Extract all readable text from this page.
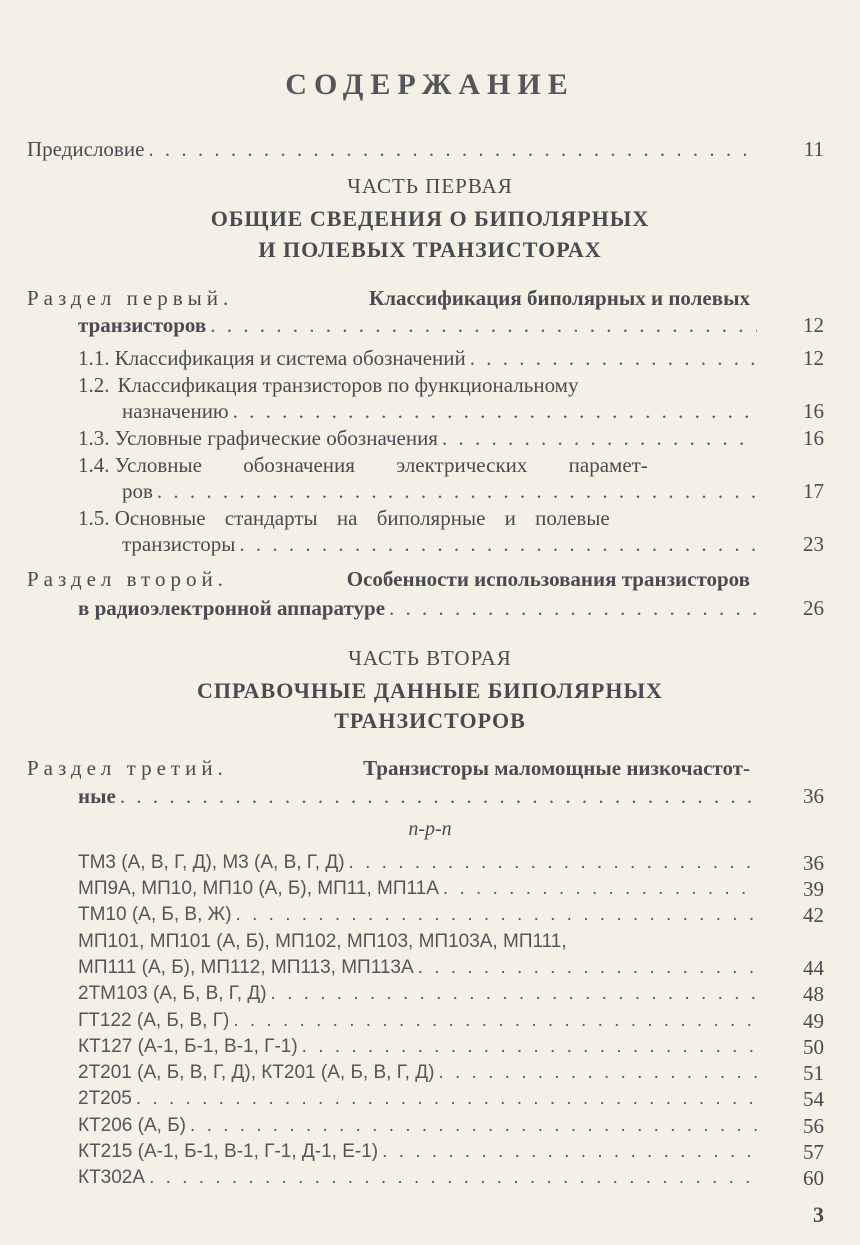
СОДЕРЖАНИЕ
Предисловие . . .	11
ЧАСТЬ ПЕРВАЯ
ОБЩИЕ СВЕДЕНИЯ О БИПОЛЯРНЫХ
И ПОЛЕВЫХ ТРАНЗИСТОРАХ
Раздел первый.	Классификация биполярных и полевых
транзисторов . . .	12
1.1. Классификация и система обозначений . . .	12
1.2. Классификация транзисторов по функциональному
назначению . . .	16
1.3. Условные графические обозначения . . .	16
1.4. Условные обозначения электрических парамет-
ров . . .	17
1.5. Основные стандарты на биполярные и полевые
транзисторы . . .	23
Раздел второй.	Особенности использования транзисторов
в радиоэлектронной аппаратуре . . .	26
ЧАСТЬ ВТОРАЯ
СПРАВОЧНЫЕ ДАННЫЕ БИПОЛЯРНЫХ
ТРАНЗИСТОРОВ
Раздел третий.	Транзисторы маломощные низкочастот-
ные . . .	36
n-p-n
ТМ3 (А, В, Г, Д), М3 (А, В, Г, Д) . . .	36
МП9А, МП10, МП10 (А, Б), МП11, МП11А . . .	39
ТМ10 (А, Б, В, Ж) . . .	42
МП101, МП101 (А, Б), МП102, МП103, МП103А, МП111,
МП111 (А, Б), МП112, МП113, МП113А . . .	44
2ТМ103 (А, Б, В, Г, Д) . . .	48
ГТ122 (А, Б, В, Г) . . .	49
КТ127 (А-1, Б-1, В-1, Г-1) . . .	50
2Т201 (А, Б, В, Г, Д), КТ201 (А, Б, В, Г, Д) . . .	51
2Т205 . . .	54
КТ206 (А, Б) . . .	56
КТ215 (А-1, Б-1, В-1, Г-1, Д-1, Е-1) . . .	57
КТ302А . . .	60
3
